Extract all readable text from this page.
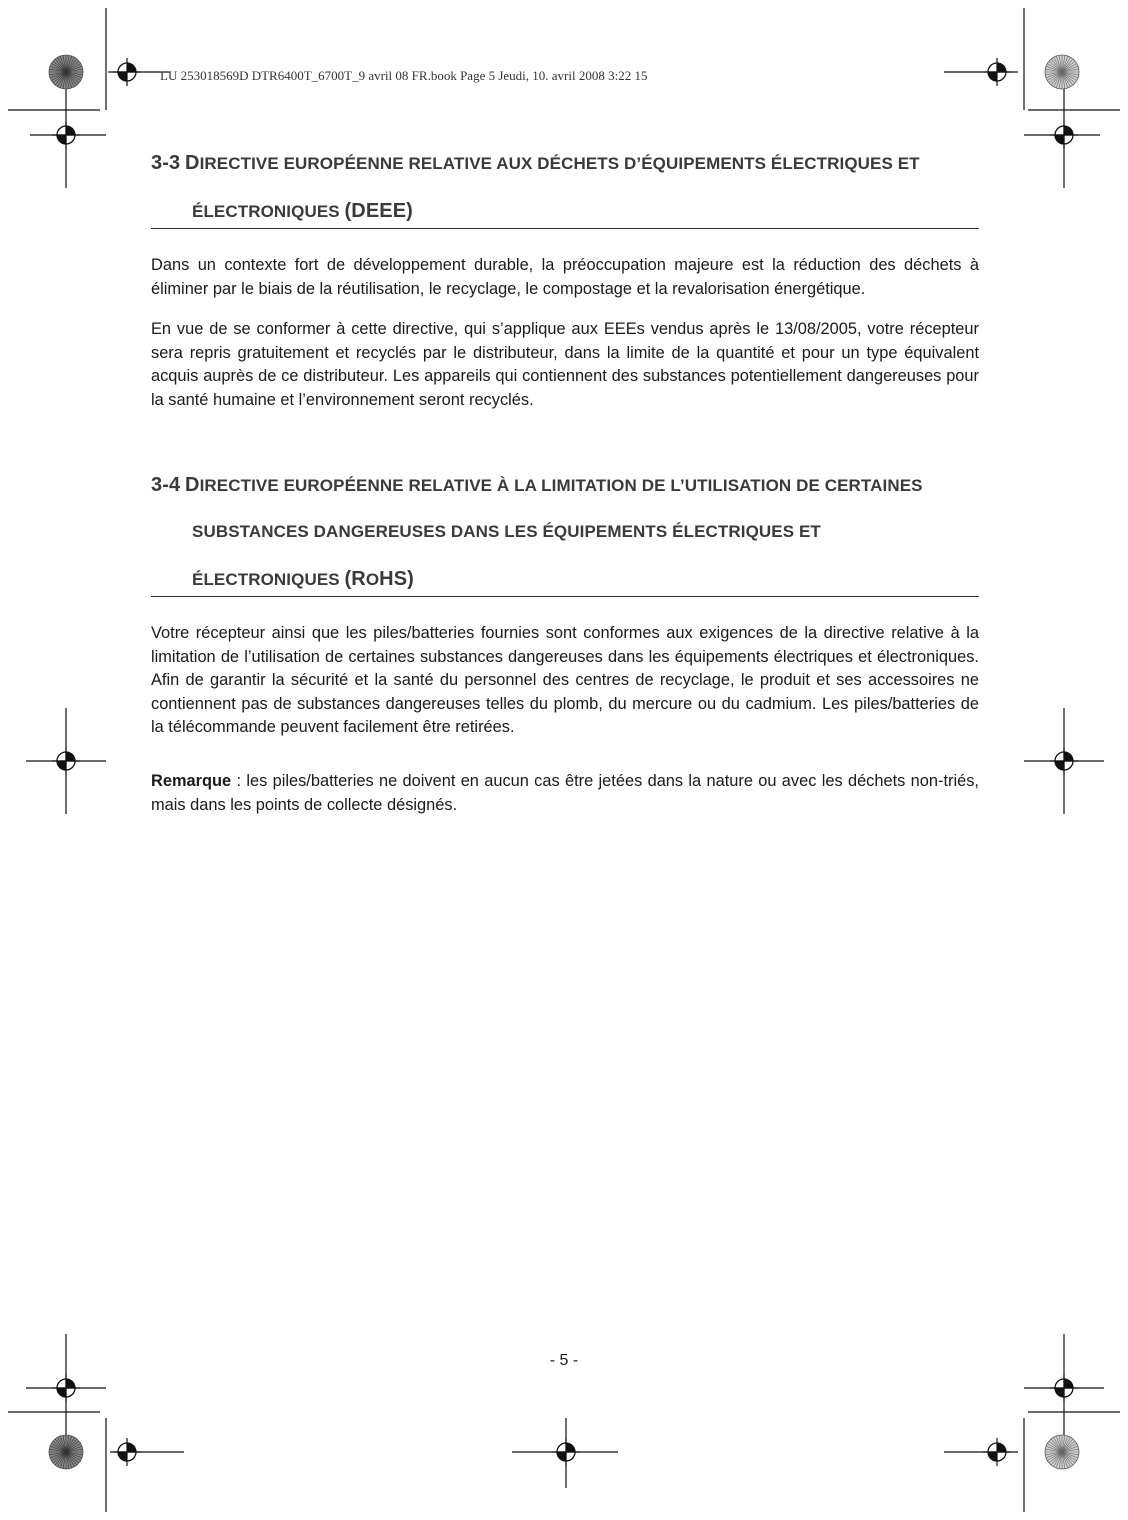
LU 253018569D DTR6400T_6700T_9 avril 08 FR.book Page 5 Jeudi, 10. avril 2008 3:22 15
3-3 DIRECTIVE EUROPÉENNE RELATIVE AUX DÉCHETS D’ÉQUIPEMENTS ÉLECTRIQUES ET
ÉLECTRONIQUES (DEEE)

Dans un contexte fort de développement durable, la préoccupation majeure est la réduction des déchets à éliminer par le biais de la réutilisation, le recyclage, le compostage et la revalorisation énergétique.

En vue de se conformer à cette directive, qui s’applique aux EEEs vendus après le 13/08/2005, votre récepteur sera repris gratuitement et recyclés par le distributeur, dans la limite de la quantité et pour un type équivalent acquis auprès de ce distributeur. Les appareils qui contiennent des substances potentiellement dangereuses pour la santé humaine et l’environnement seront recyclés.

3-4 DIRECTIVE EUROPÉENNE RELATIVE À LA LIMITATION DE L’UTILISATION DE CERTAINES
SUBSTANCES DANGEREUSES DANS LES ÉQUIPEMENTS ÉLECTRIQUES ET
ÉLECTRONIQUES (ROHS)

Votre récepteur ainsi que les piles/batteries fournies sont conformes aux exigences de la directive relative à la limitation de l’utilisation de certaines substances dangereuses dans les équipements électriques et électroniques. Afin de garantir la sécurité et la santé du personnel des centres de recyclage, le produit et ses accessoires ne contiennent pas de substances dangereuses telles du plomb, du mercure ou du cadmium. Les piles/batteries de la télécommande peuvent facilement être retirées.

Remarque : les piles/batteries ne doivent en aucun cas être jetées dans la nature ou avec les déchets non-triés, mais dans les points de collecte désignés.

- 5 -
